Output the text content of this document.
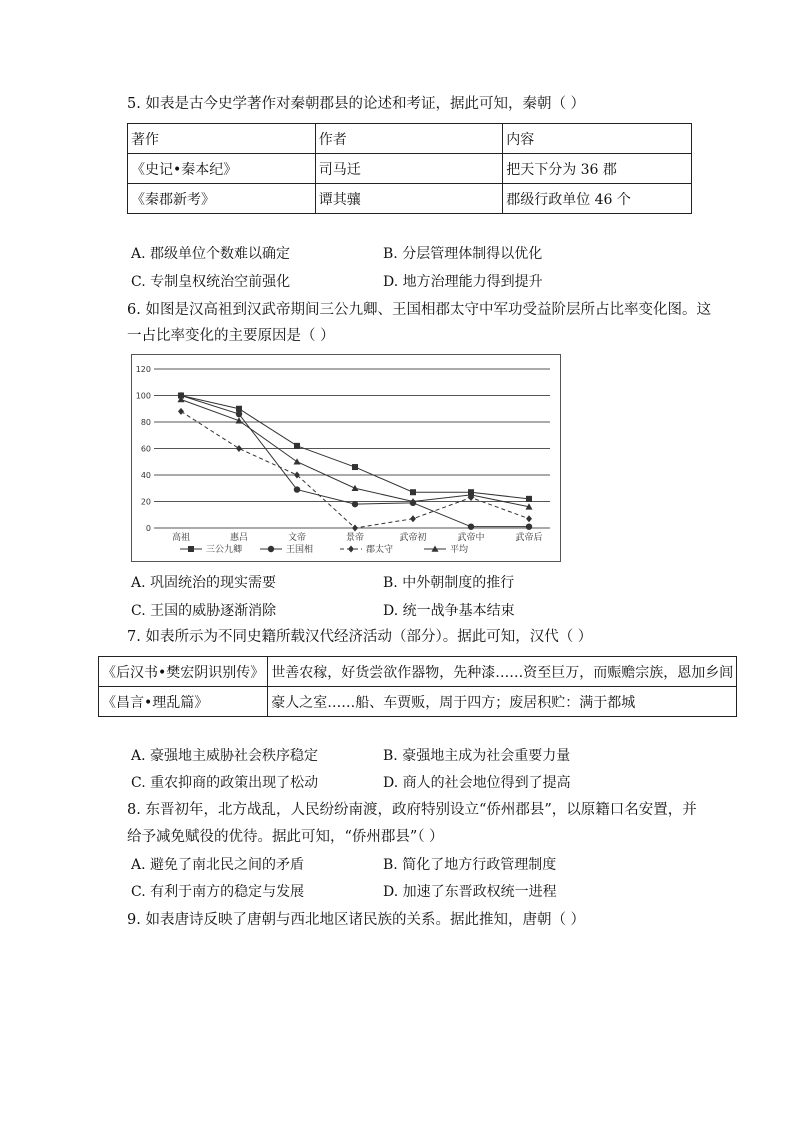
5. 如表是古今史学著作对秦朝郡县的论述和考证，据此可知，秦朝（ ）
著作	作者	内容
《史记•秦本纪》	司马迁	把天下分为 36 郡
《秦郡新考》	谭其骧	郡级行政单位 46 个
A. 郡级单位个数难以确定	B. 分层管理体制得以优化
C. 专制皇权统治空前强化	D. 地方治理能力得到提升
6. 如图是汉高祖到汉武帝期间三公九卿、王国相郡太守中军功受益阶层所占比率变化图。这
一占比率变化的主要原因是（ ）
0
20
40
60
80
100
120
高祖	惠吕	文帝	景帝	武帝初	武帝中	武帝后
三公九卿	王国相	郡太守	平均
A. 巩固统治的现实需要	B. 中外朝制度的推行
C. 王国的威胁逐渐消除	D. 统一战争基本结束
7. 如表所示为不同史籍所载汉代经济活动（部分）。据此可知，汉代（ ）
《后汉书•樊宏阴识别传》	世善农稼，好货尝欲作器物，先种漆……资至巨万，而赈赡宗族，恩加乡闾
《昌言•理乱篇》	豪人之室……船、车贾贩，周于四方；废居积贮：满于都城
A. 豪强地主威胁社会秩序稳定	B. 豪强地主成为社会重要力量
C. 重农抑商的政策出现了松动	D. 商人的社会地位得到了提高
8. 东晋初年，北方战乱，人民纷纷南渡，政府特别设立“侨州郡县”，以原籍口名安置，并
给予减免赋役的优待。据此可知，“侨州郡县”（ ）
A. 避免了南北民之间的矛盾	B. 简化了地方行政管理制度
C. 有利于南方的稳定与发展	D. 加速了东晋政权统一进程
9. 如表唐诗反映了唐朝与西北地区诸民族的关系。据此推知，唐朝（ ）
